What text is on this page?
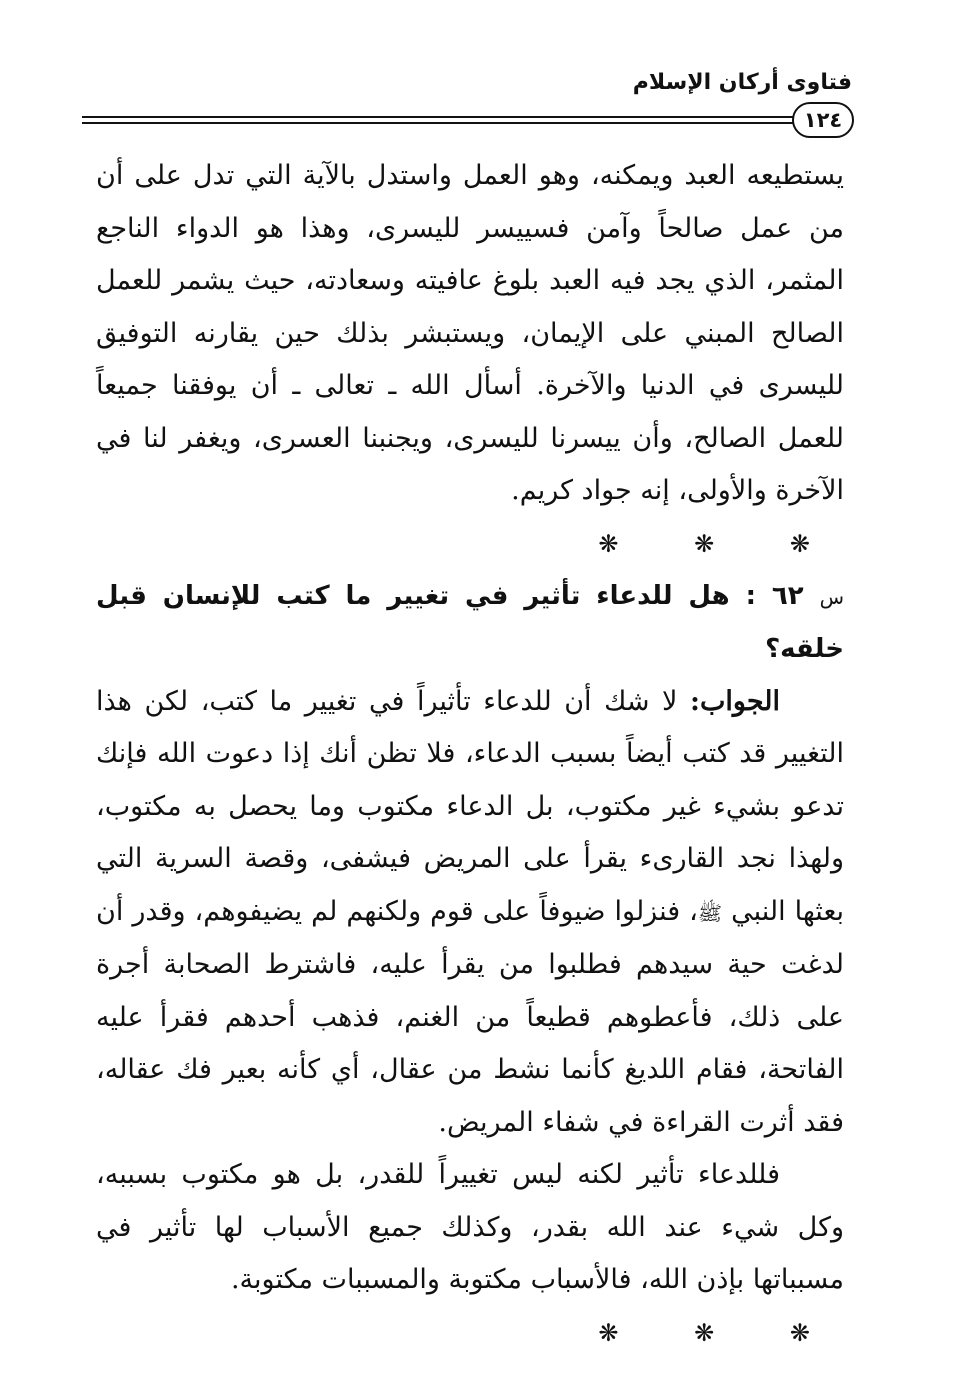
فتاوى أركان الإسلام
١٢٤

يستطيعه العبد ويمكنه، وهو العمل واستدل بالآية التي تدل على أن من عمل صالحاً وآمن فسييسر لليسرى، وهذا هو الدواء الناجع المثمر، الذي يجد فيه العبد بلوغ عافيته وسعادته، حيث يشمر للعمل الصالح المبني على الإيمان، ويستبشر بذلك حين يقارنه التوفيق لليسرى في الدنيا والآخرة. أسأل الله ـ تعالى ـ أن يوفقنا جميعاً للعمل الصالح، وأن ييسرنا لليسرى، ويجنبنا العسرى، ويغفر لنا في الآخرة والأولى، إنه جواد كريم.

❋ ❋ ❋

س ٦٢ : هل للدعاء تأثير في تغيير ما كتب للإنسان قبل خلقه؟

الجواب: لا شك أن للدعاء تأثيراً في تغيير ما كتب، لكن هذا التغيير قد كتب أيضاً بسبب الدعاء، فلا تظن أنك إذا دعوت الله فإنك تدعو بشيء غير مكتوب، بل الدعاء مكتوب وما يحصل به مكتوب، ولهذا نجد القارىء يقرأ على المريض فيشفى، وقصة السرية التي بعثها النبي ﷺ، فنزلوا ضيوفاً على قوم ولكنهم لم يضيفوهم، وقدر أن لدغت حية سيدهم فطلبوا من يقرأ عليه، فاشترط الصحابة أجرة على ذلك، فأعطوهم قطيعاً من الغنم، فذهب أحدهم فقرأ عليه الفاتحة، فقام اللديغ كأنما نشط من عقال، أي كأنه بعير فك عقاله، فقد أثرت القراءة في شفاء المريض.

فللدعاء تأثير لكنه ليس تغييراً للقدر، بل هو مكتوب بسببه، وكل شيء عند الله بقدر، وكذلك جميع الأسباب لها تأثير في مسبباتها بإذن الله، فالأسباب مكتوبة والمسببات مكتوبة.

❋ ❋ ❋
